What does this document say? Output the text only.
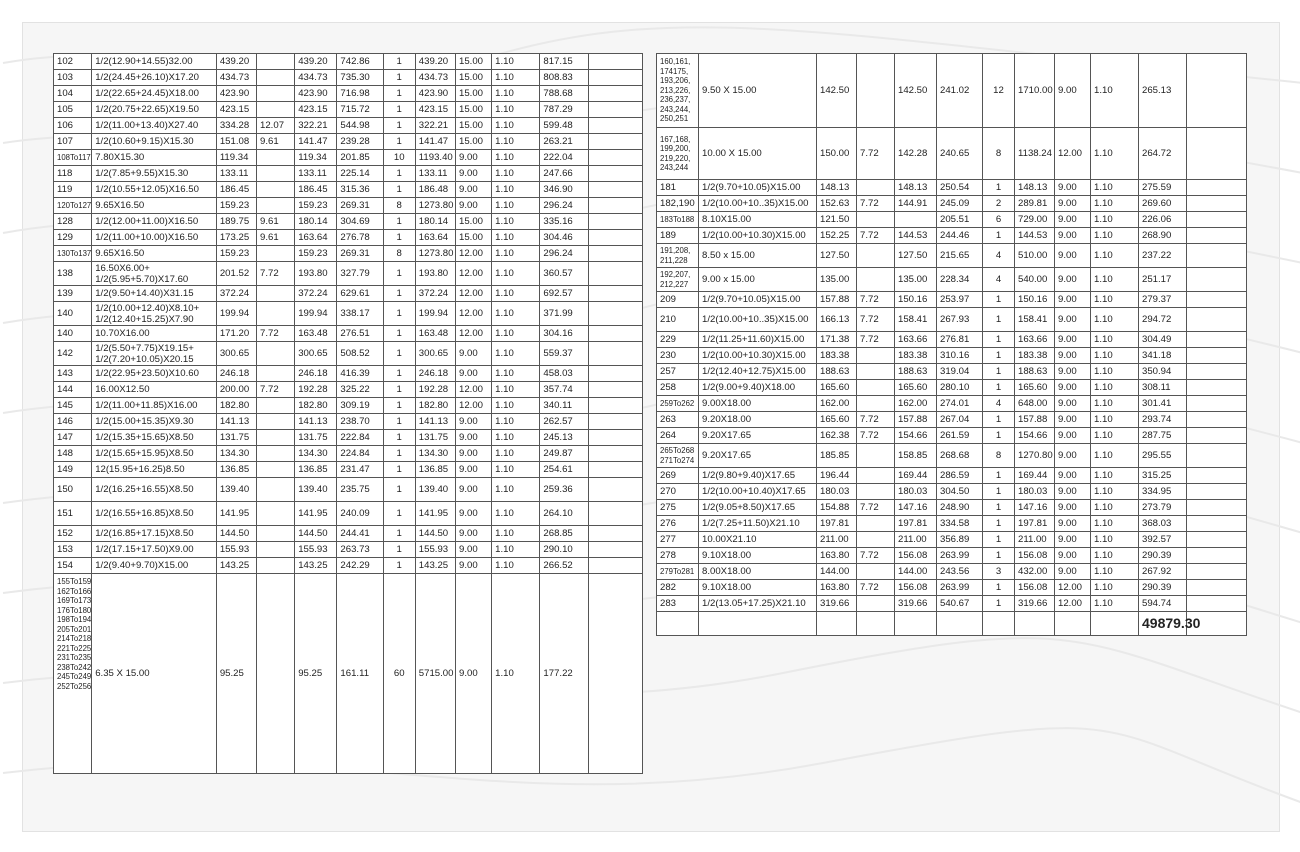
102	1/2(12.90+14.55)32.00	439.20		439.20	742.86	1	439.20	15.00	1.10	817.15	
103	1/2(24.45+26.10)X17.20	434.73		434.73	735.30	1	434.73	15.00	1.10	808.83	
104	1/2(22.65+24.45)X18.00	423.90		423.90	716.98	1	423.90	15.00	1.10	788.68	
105	1/2(20.75+22.65)X19.50	423.15		423.15	715.72	1	423.15	15.00	1.10	787.29	
106	1/2(11.00+13.40)X27.40	334.28	12.07	322.21	544.98	1	322.21	15.00	1.10	599.48	
107	1/2(10.60+9.15)X15.30	151.08	9.61	141.47	239.28	1	141.47	15.00	1.10	263.21	
108To117	7.80X15.30	119.34		119.34	201.85	10	1193.40	9.00	1.10	222.04	
118	1/2(7.85+9.55)X15.30	133.11		133.11	225.14	1	133.11	9.00	1.10	247.66	
119	1/2(10.55+12.05)X16.50	186.45		186.45	315.36	1	186.48	9.00	1.10	346.90	
120To127	9.65X16.50	159.23		159.23	269.31	8	1273.80	9.00	1.10	296.24	
128	1/2(12.00+11.00)X16.50	189.75	9.61	180.14	304.69	1	180.14	15.00	1.10	335.16	
129	1/2(11.00+10.00)X16.50	173.25	9.61	163.64	276.78	1	163.64	15.00	1.10	304.46	
130To137	9.65X16.50	159.23		159.23	269.31	8	1273.80	12.00	1.10	296.24	
138	16.50X6.00+ 1/2(5.95+5.70)X17.60	201.52	7.72	193.80	327.79	1	193.80	12.00	1.10	360.57	
139	1/2(9.50+14.40)X31.15	372.24		372.24	629.61	1	372.24	12.00	1.10	692.57	
140	1/2(10.00+12.40)X8.10+ 1/2(12.40+15.25)X7.90	199.94		199.94	338.17	1	199.94	12.00	1.10	371.99	
140	10.70X16.00	171.20	7.72	163.48	276.51	1	163.48	12.00	1.10	304.16	
142	1/2(5.50+7.75)X19.15+ 1/2(7.20+10.05)X20.15	300.65		300.65	508.52	1	300.65	9.00	1.10	559.37	
143	1/2(22.95+23.50)X10.60	246.18		246.18	416.39	1	246.18	9.00	1.10	458.03	
144	16.00X12.50	200.00	7.72	192.28	325.22	1	192.28	12.00	1.10	357.74	
145	1/2(11.00+11.85)X16.00	182.80		182.80	309.19	1	182.80	12.00	1.10	340.11	
146	1/2(15.00+15.35)X9.30	141.13		141.13	238.70	1	141.13	9.00	1.10	262.57	
147	1/2(15.35+15.65)X8.50	131.75		131.75	222.84	1	131.75	9.00	1.10	245.13	
148	1/2(15.65+15.95)X8.50	134.30		134.30	224.84	1	134.30	9.00	1.10	249.87	
149	12(15.95+16.25)8.50	136.85		136.85	231.47	1	136.85	9.00	1.10	254.61	
150	1/2(16.25+16.55)X8.50	139.40		139.40	235.75	1	139.40	9.00	1.10	259.36	
151	1/2(16.55+16.85)X8.50	141.95		141.95	240.09	1	141.95	9.00	1.10	264.10	
152	1/2(16.85+17.15)X8.50	144.50		144.50	244.41	1	144.50	9.00	1.10	268.85	
153	1/2(17.15+17.50)X9.00	155.93		155.93	263.73	1	155.93	9.00	1.10	290.10	
154	1/2(9.40+9.70)X15.00	143.25		143.25	242.29	1	143.25	9.00	1.10	266.52	
155To159 162To166 169To173 176To180 198To194 205To201 214To218 221To225 231To235 238To242 245To249 252To256	6.35 X 15.00	95.25		95.25	161.11	60	5715.00	9.00	1.10	177.22	
160,161, 174175, 193,206, 213,226, 236,237, 243,244, 250,251	9.50 X 15.00	142.50		142.50	241.02	12	1710.00	9.00	1.10	265.13	
167,168, 199,200, 219,220, 243,244	10.00 X 15.00	150.00	7.72	142.28	240.65	8	1138.24	12.00	1.10	264.72	
181	1/2(9.70+10.05)X15.00	148.13		148.13	250.54	1	148.13	9.00	1.10	275.59	
182,190	1/2(10.00+10..35)X15.00	152.63	7.72	144.91	245.09	2	289.81	9.00	1.10	269.60	
183To188	8.10X15.00	121.50			205.51	6	729.00	9.00	1.10	226.06	
189	1/2(10.00+10.30)X15.00	152.25	7.72	144.53	244.46	1	144.53	9.00	1.10	268.90	
191,208, 211,228	8.50 x 15.00	127.50		127.50	215.65	4	510.00	9.00	1.10	237.22	
192,207, 212,227	9.00 x 15.00	135.00		135.00	228.34	4	540.00	9.00	1.10	251.17	
209	1/2(9.70+10.05)X15.00	157.88	7.72	150.16	253.97	1	150.16	9.00	1.10	279.37	
210	1/2(10.00+10..35)X15.00	166.13	7.72	158.41	267.93	1	158.41	9.00	1.10	294.72	
229	1/2(11.25+11.60)X15.00	171.38	7.72	163.66	276.81	1	163.66	9.00	1.10	304.49	
230	1/2(10.00+10.30)X15.00	183.38		183.38	310.16	1	183.38	9.00	1.10	341.18	
257	1/2(12.40+12.75)X15.00	188.63		188.63	319.04	1	188.63	9.00	1.10	350.94	
258	1/2(9.00+9.40)X18.00	165.60		165.60	280.10	1	165.60	9.00	1.10	308.11	
259To262	9.00X18.00	162.00		162.00	274.01	4	648.00	9.00	1.10	301.41	
263	9.20X18.00	165.60	7.72	157.88	267.04	1	157.88	9.00	1.10	293.74	
264	9.20X17.65	162.38	7.72	154.66	261.59	1	154.66	9.00	1.10	287.75	
265To268 271To274	9.20X17.65	185.85		158.85	268.68	8	1270.80	9.00	1.10	295.55	
269	1/2(9.80+9.40)X17.65	196.44		169.44	286.59	1	169.44	9.00	1.10	315.25	
270	1/2(10.00+10.40)X17.65	180.03		180.03	304.50	1	180.03	9.00	1.10	334.95	
275	1/2(9.05+8.50)X17.65	154.88	7.72	147.16	248.90	1	147.16	9.00	1.10	273.79	
276	1/2(7.25+11.50)X21.10	197.81		197.81	334.58	1	197.81	9.00	1.10	368.03	
277	10.00X21.10	211.00		211.00	356.89	1	211.00	9.00	1.10	392.57	
278	9.10X18.00	163.80	7.72	156.08	263.99	1	156.08	9.00	1.10	290.39	
279To281	8.00X18.00	144.00		144.00	243.56	3	432.00	9.00	1.10	267.92	
282	9.10X18.00	163.80	7.72	156.08	263.99	1	156.08	12.00	1.10	290.39	
283	1/2(13.05+17.25)X21.10	319.66		319.66	540.67	1	319.66	12.00	1.10	594.74	
										49879.30	
